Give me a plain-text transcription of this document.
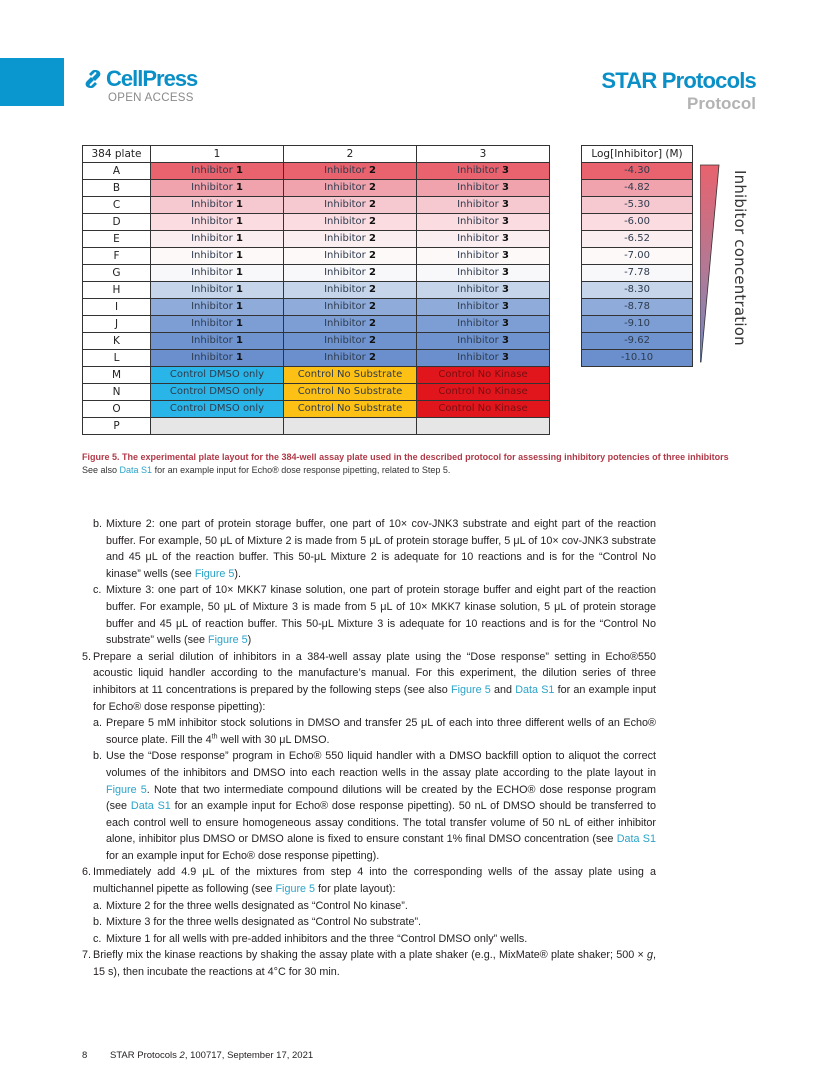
CellPress
OPEN ACCESS
STAR Protocols
Protocol
384 plate	1	2	3
A	Inhibitor 1	Inhibitor 2	Inhibitor 3
B	Inhibitor 1	Inhibitor 2	Inhibitor 3
C	Inhibitor 1	Inhibitor 2	Inhibitor 3
D	Inhibitor 1	Inhibitor 2	Inhibitor 3
E	Inhibitor 1	Inhibitor 2	Inhibitor 3
F	Inhibitor 1	Inhibitor 2	Inhibitor 3
G	Inhibitor 1	Inhibitor 2	Inhibitor 3
H	Inhibitor 1	Inhibitor 2	Inhibitor 3
I	Inhibitor 1	Inhibitor 2	Inhibitor 3
J	Inhibitor 1	Inhibitor 2	Inhibitor 3
K	Inhibitor 1	Inhibitor 2	Inhibitor 3
L	Inhibitor 1	Inhibitor 2	Inhibitor 3
M	Control DMSO only	Control No Substrate	Control No Kinase
N	Control DMSO only	Control No Substrate	Control No Kinase
O	Control DMSO only	Control No Substrate	Control No Kinase
P			
Log[Inhibitor] (M)
-4.30
-4.82
-5.30
-6.00
-6.52
-7.00
-7.78
-8.30
-8.78
-9.10
-9.62
-10.10
Inhibitor concentration
Figure 5. The experimental plate layout for the 384-well assay plate used in the described protocol for assessing inhibitory potencies of three inhibitors
See also Data S1 for an example input for Echo® dose response pipetting, related to Step 5.
b. Mixture 2: one part of protein storage buffer, one part of 10× cov-JNK3 substrate and eight part of the reaction buffer. For example, 50 μL of Mixture 2 is made from 5 μL of protein storage buffer, 5 μL of 10× cov-JNK3 substrate and 45 μL of the reaction buffer. This 50-μL Mixture 2 is adequate for 10 reactions and is for the “Control No kinase” wells (see Figure 5).
c. Mixture 3: one part of 10× MKK7 kinase solution, one part of protein storage buffer and eight part of the reaction buffer. For example, 50 μL of Mixture 3 is made from 5 μL of 10× MKK7 kinase solution, 5 μL of protein storage buffer and 45 μL of reaction buffer. This 50-μL Mixture 3 is adequate for 10 reactions and is for the “Control No substrate” wells (see Figure 5)
5. Prepare a serial dilution of inhibitors in a 384-well assay plate using the “Dose response” setting in Echo®550 acoustic liquid handler according to the manufacture’s manual. For this experiment, the dilution series of three inhibitors at 11 concentrations is prepared by the following steps (see also Figure 5 and Data S1 for an example input for Echo® dose response pipetting):
a. Prepare 5 mM inhibitor stock solutions in DMSO and transfer 25 μL of each into three different wells of an Echo® source plate. Fill the 4th well with 30 μL DMSO.
b. Use the “Dose response” program in Echo® 550 liquid handler with a DMSO backfill option to aliquot the correct volumes of the inhibitors and DMSO into each reaction wells in the assay plate according to the plate layout in Figure 5. Note that two intermediate compound dilutions will be created by the ECHO® dose response program (see Data S1 for an example input for Echo® dose response pipetting). 50 nL of DMSO should be transferred to each control well to ensure homogeneous assay conditions. The total transfer volume of 50 nL of either inhibitor alone, inhibitor plus DMSO or DMSO alone is fixed to ensure constant 1% final DMSO concentration (see Data S1 for an example input for Echo® dose response pipetting).
6. Immediately add 4.9 μL of the mixtures from step 4 into the corresponding wells of the assay plate using a multichannel pipette as following (see Figure 5 for plate layout):
a. Mixture 2 for the three wells designated as “Control No kinase”.
b. Mixture 3 for the three wells designated as “Control No substrate”.
c. Mixture 1 for all wells with pre-added inhibitors and the three “Control DMSO only” wells.
7. Briefly mix the kinase reactions by shaking the assay plate with a plate shaker (e.g., MixMate® plate shaker; 500 × g, 15 s), then incubate the reactions at 4°C for 30 min.
8 STAR Protocols 2, 100717, September 17, 2021
